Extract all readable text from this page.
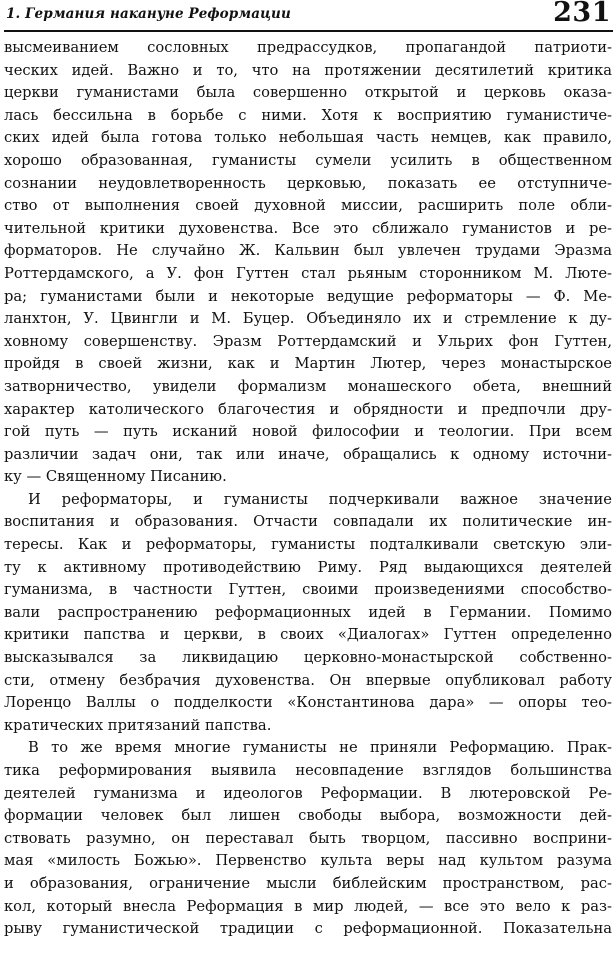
1. Германия накануне Реформации	231
высмеиванием сословных предрассудков, пропагандой патриоти-
ческих идей. Важно и то, что на протяжении десятилетий критика
церкви гуманистами была совершенно открытой и церковь оказа-
лась бессильна в борьбе с ними. Хотя к восприятию гуманистиче-
ских идей была готова только небольшая часть немцев, как правило,
хорошо образованная, гуманисты сумели усилить в общественном
сознании неудовлетворенность церковью, показать ее отступниче-
ство от выполнения своей духовной миссии, расширить поле обли-
чительной критики духовенства. Все это сближало гуманистов и ре-
форматоров. Не случайно Ж. Кальвин был увлечен трудами Эразма
Роттердамского, а У. фон Гуттен стал рьяным сторонником М. Люте-
ра; гуманистами были и некоторые ведущие реформаторы — Ф. Ме-
ланхтон, У. Цвингли и М. Буцер. Объединяло их и стремление к ду-
ховному совершенству. Эразм Роттердамский и Ульрих фон Гуттен,
пройдя в своей жизни, как и Мартин Лютер, через монастырское
затворничество, увидели формализм монашеского обета, внешний
характер католического благочестия и обрядности и предпочли дру-
гой путь — путь исканий новой философии и теологии. При всем
различии задач они, так или иначе, обращались к одному источни-
ку — Священному Писанию.
И реформаторы, и гуманисты подчеркивали важное значение
воспитания и образования. Отчасти совпадали их политические ин-
тересы. Как и реформаторы, гуманисты подталкивали светскую эли-
ту к активному противодействию Риму. Ряд выдающихся деятелей
гуманизма, в частности Гуттен, своими произведениями способство-
вали распространению реформационных идей в Германии. Помимо
критики папства и церкви, в своих «Диалогах» Гуттен определенно
высказывался за ликвидацию церковно-монастырской собственно-
сти, отмену безбрачия духовенства. Он впервые опубликовал работу
Лоренцо Валлы о подделкости «Константинова дара» — опоры тео-
кратических притязаний папства.
В то же время многие гуманисты не приняли Реформацию. Прак-
тика реформирования выявила несовпадение взглядов большинства
деятелей гуманизма и идеологов Реформации. В лютеровской Ре-
формации человек был лишен свободы выбора, возможности дей-
ствовать разумно, он переставал быть творцом, пассивно восприни-
мая «милость Божью». Первенство культа веры над культом разума
и образования, ограничение мысли библейским пространством, рас-
кол, который внесла Реформация в мир людей, — все это вело к раз-
рыву гуманистической традиции с реформационной. Показательна
